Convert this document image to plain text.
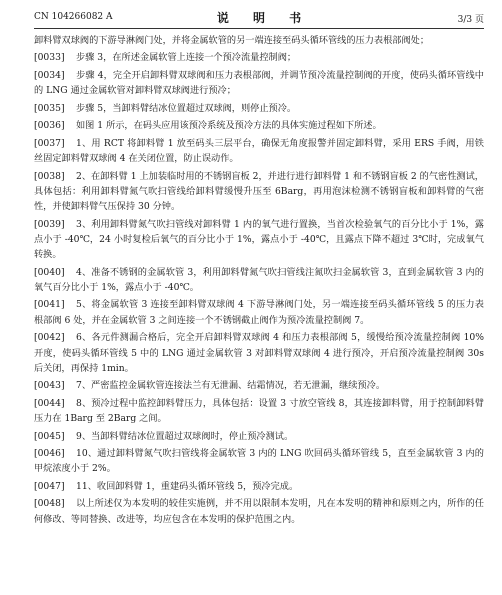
CN 104266082 A	说 明 书	3/3 页

卸料臂双球阀的下游导淋阀门处，并将金属软管的另一端连接至码头循环管线的压力表根部阀处；

[0033] 步骤 3，在所述金属软管上连接一个预冷流量控制阀；

[0034] 步骤 4，完全开启卸料臂双球阀和压力表根部阀，并调节预冷流量控制阀的开度，使码头循环管线中的 LNG 通过金属软管对卸料臂双球阀进行预冷；

[0035] 步骤 5，当卸料臂结冰位置超过双球阀，则停止预冷。

[0036] 如图 1 所示，在码头应用该预冷系统及预冷方法的具体实施过程如下所述。

[0037] 1、用 RCT 将卸料臂 1 放至码头三层平台，确保无角度报警并固定卸料臂，采用 ERS 手阀，用铁丝固定卸料臂双球阀 4 在关闭位置，防止误动作。

[0038] 2、在卸料臂 1 上加装临时用的不锈钢盲板 2，并进行进行卸料臂 1 和不锈钢盲板 2 的气密性测试，具体包括：利用卸料臂氮气吹扫管线给卸料臂缓慢升压至 6Barg，再用泡沫检测不锈钢盲板和卸料臂的气密性，并使卸料臂气压保持 30 分钟。

[0039] 3、利用卸料臂氮气吹扫管线对卸料臂 1 内的氧气进行置换，当首次检验氧气的百分比小于 1%，露点小于 -40℃，24 小时复检后氧气的百分比小于 1%，露点小于 -40℃，且露点下降不超过 3℃时，完成氧气转换。

[0040] 4、准备不锈钢的金属软管 3，利用卸料臂氮气吹扫管线注氮吹扫金属软管 3，直到金属软管 3 内的氧气百分比小于 1%，露点小于 -40℃。

[0041] 5、将金属软管 3 连接至卸料臂双球阀 4 下游导淋阀门处，另一端连接至码头循环管线 5 的压力表根部阀 6 处，并在金属软管 3 之间连接一个不锈钢截止阀作为预冷流量控制阀 7。

[0042] 6、各元件测漏合格后，完全开启卸料臂双球阀 4 和压力表根部阀 5，缓慢给预冷流量控制阀 10% 开度，使码头循环管线 5 中的 LNG 通过金属软管 3 对卸料臂双球阀 4 进行预冷，开启预冷流量控制阀 30s 后关闭，再保持 1min。

[0043] 7、严密监控金属软管连接法兰有无泄漏、结霜情况，若无泄漏，继续预冷。

[0044] 8、预冷过程中监控卸料臂压力，具体包括：设置 3 寸放空管线 8，其连接卸料臂，用于控制卸料臂压力在 1Barg 至 2Barg 之间。

[0045] 9、当卸料臂结冰位置超过双球阀时，停止预冷测试。

[0046] 10、通过卸料臂氮气吹扫管线将金属软管 3 内的 LNG 吹回码头循环管线 5，直至金属软管 3 内的甲烷浓度小于 2%。

[0047] 11、收回卸料臂 1，重建码头循环管线 5，预冷完成。

[0048] 以上所述仅为本发明的较佳实施例，并不用以限制本发明，凡在本发明的精神和原则之内，所作的任何修改、等同替换、改进等，均应包含在本发明的保护范围之内。
